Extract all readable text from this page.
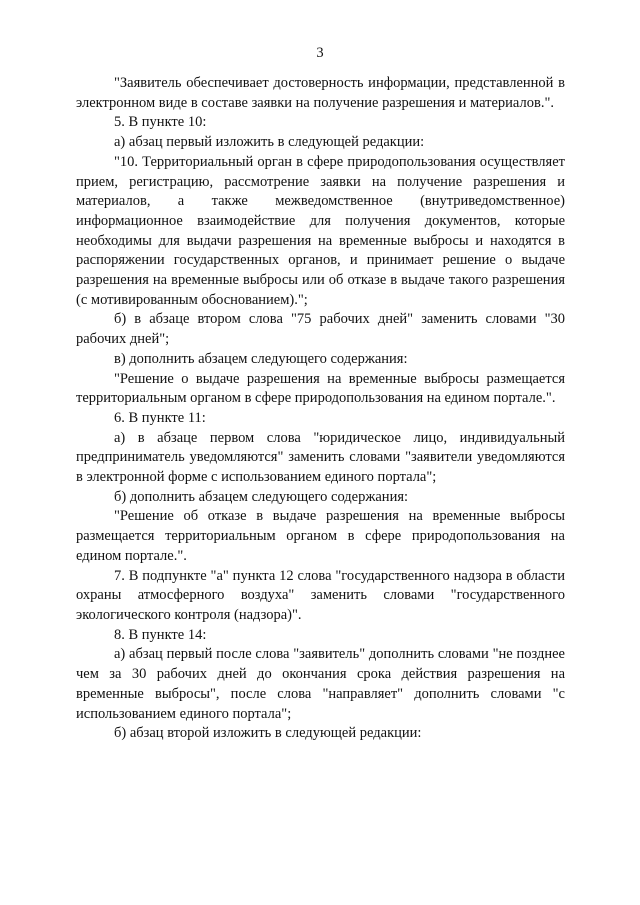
3

"Заявитель обеспечивает достоверность информации, представленной в электронном виде в составе заявки на получение разрешения и материалов.".

5. В пункте 10:

а) абзац первый изложить в следующей редакции:

"10. Территориальный орган в сфере природопользования осуществляет прием, регистрацию, рассмотрение заявки на получение разрешения и материалов, а также межведомственное (внутриведомственное) информационное взаимодействие для получения документов, которые необходимы для выдачи разрешения на временные выбросы и находятся в распоряжении государственных органов, и принимает решение о выдаче разрешения на временные выбросы или об отказе в выдаче такого разрешения (с мотивированным обоснованием).";

б) в абзаце втором слова "75 рабочих дней" заменить словами "30 рабочих дней";

в) дополнить абзацем следующего содержания:

"Решение о выдаче разрешения на временные выбросы размещается территориальным органом в сфере природопользования на едином портале.".

6. В пункте 11:

а) в абзаце первом слова "юридическое лицо, индивидуальный предприниматель уведомляются" заменить словами "заявители уведомляются в электронной форме с использованием единого портала";

б) дополнить абзацем следующего содержания:

"Решение об отказе в выдаче разрешения на временные выбросы размещается территориальным органом в сфере природопользования на едином портале.".

7. В подпункте "а" пункта 12 слова "государственного надзора в области охраны атмосферного воздуха" заменить словами "государственного экологического контроля (надзора)".

8. В пункте 14:

а) абзац первый после слова "заявитель" дополнить словами "не позднее чем за 30 рабочих дней до окончания срока действия разрешения на временные выбросы", после слова "направляет" дополнить словами "с использованием единого портала";

б) абзац второй изложить в следующей редакции:
